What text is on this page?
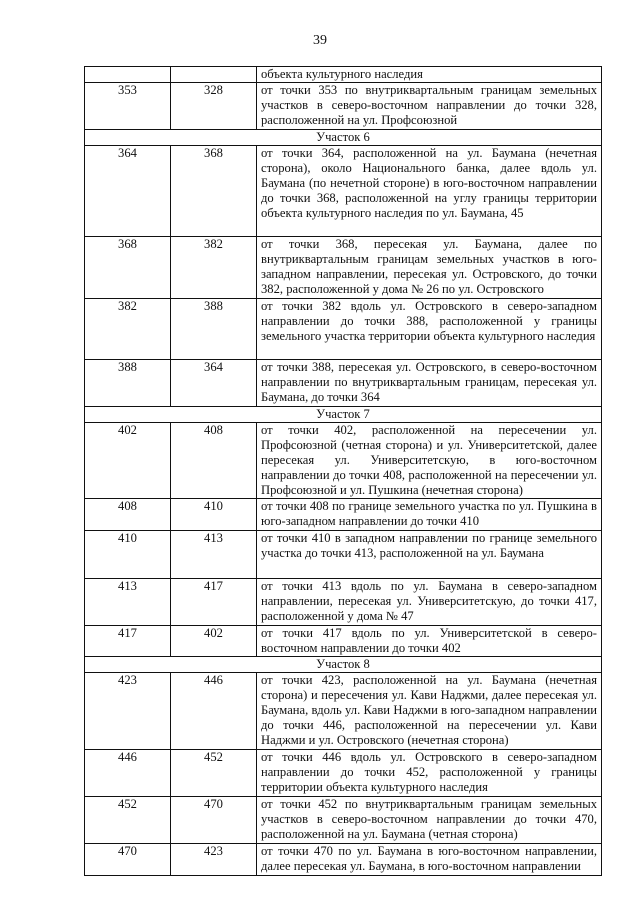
39
		объекта культурного наследия
353	328	от точки 353 по внутриквартальным границам земельных участков в северо-восточном направлении до точки 328, расположенной на ул. Профсоюзной
Участок 6		
364	368	от точки 364, расположенной на ул. Баумана (нечетная сторона), около Национального банка, далее вдоль ул. Баумана (по нечетной стороне) в юго-восточном направлении до точки 368, расположенной на углу границы территории объекта культурного наследия по ул. Баумана, 45
368	382	от точки 368, пересекая ул. Баумана, далее по внутриквартальным границам земельных участков в юго-западном направлении, пересекая ул. Островского, до точки 382, расположенной у дома № 26 по ул. Островского
382	388	от точки 382 вдоль ул. Островского в северо-западном направлении до точки 388, расположенной у границы земельного участка территории объекта культурного наследия
388	364	от точки 388, пересекая ул. Островского, в северо-восточном направлении по внутриквартальным границам, пересекая ул. Баумана, до точки 364
Участок 7		
402	408	от точки 402, расположенной на пересечении ул. Профсоюзной (четная сторона) и ул. Университетской, далее пересекая ул. Университетскую, в юго-восточном направлении до точки 408, расположенной на пересечении ул. Профсоюзной и ул. Пушкина (нечетная сторона)
408	410	от точки 408 по границе земельного участка по ул. Пушкина в юго-западном направлении до точки 410
410	413	от точки 410 в западном направлении по границе земельного участка до точки 413, расположенной на ул. Баумана
413	417	от точки 413 вдоль по ул. Баумана в северо-западном направлении, пересекая ул. Университетскую, до точки 417, расположенной у дома № 47
417	402	от точки 417 вдоль по ул. Университетской в северо-восточном направлении до точки 402
Участок 8		
423	446	от точки 423, расположенной на ул. Баумана (нечетная сторона) и пересечения ул. Кави Наджми, далее пересекая ул. Баумана, вдоль ул. Кави Наджми в юго-западном направлении до точки 446, расположенной на пересечении ул. Кави Наджми и ул. Островского (нечетная сторона)
446	452	от точки 446 вдоль ул. Островского в северо-западном направлении до точки 452, расположенной у границы территории объекта культурного наследия
452	470	от точки 452 по внутриквартальным границам земельных участков в северо-восточном направлении до точки 470, расположенной на ул. Баумана (четная сторона)
470	423	от точки 470 по ул. Баумана в юго-восточном направлении, далее пересекая ул. Баумана, в юго-восточном направлении
